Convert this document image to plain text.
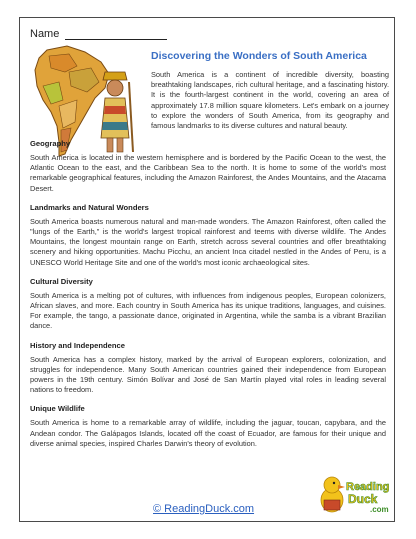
Name
Discovering the Wonders of South America

South America is a continent of incredible diversity, boasting breathtaking landscapes, rich cultural heritage, and a fascinating history. It is the fourth-largest continent in the world, covering an area of approximately 17.8 million square kilometers. Let's embark on a journey to explore the wonders of South America, from its geography and famous landmarks to its diverse cultures and natural beauty.

Geography

South America is located in the western hemisphere and is bordered by the Pacific Ocean to the west, the Atlantic Ocean to the east, and the Caribbean Sea to the north. It is home to some of the world's most remarkable geographical features, including the Amazon Rainforest, the Andes Mountains, and the Atacama Desert.

Landmarks and Natural Wonders

South America boasts numerous natural and man-made wonders. The Amazon Rainforest, often called the "lungs of the Earth," is the world's largest tropical rainforest and teems with diverse wildlife. The Andes Mountains, the longest mountain range on Earth, stretch across several countries and offer breathtaking scenery and hiking opportunities. Machu Picchu, an ancient Inca citadel nestled in the Andes of Peru, is a UNESCO World Heritage Site and one of the world's most iconic archaeological sites.

Cultural Diversity

South America is a melting pot of cultures, with influences from indigenous peoples, European colonizers, African slaves, and more. Each country in South America has its unique traditions, languages, and cuisines. For example, the tango, a passionate dance, originated in Argentina, while the samba is a vibrant Brazilian dance.

History and Independence

South America has a complex history, marked by the arrival of European explorers, colonization, and struggles for independence. Many South American countries gained their independence from European powers in the 19th century. Simón Bolívar and José de San Martín played vital roles in leading several nations to freedom.

Unique Wildlife

South America is home to a remarkable array of wildlife, including the jaguar, toucan, capybara, and the Andean condor. The Galápagos Islands, located off the coast of Ecuador, are famous for their unique and diverse animal species, inspired Charles Darwin's theory of evolution.

© ReadingDuck.com
Reading
Duck
.com
